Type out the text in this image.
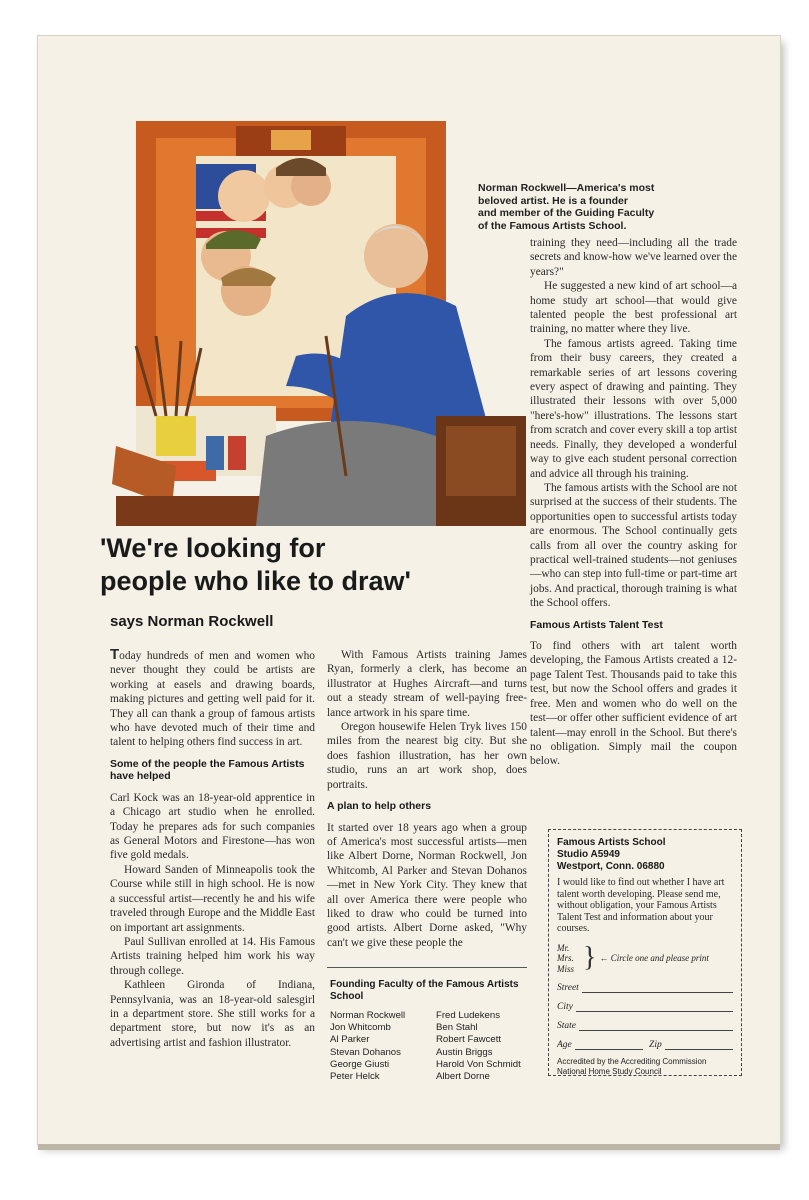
Norman Rockwell—America's most
beloved artist. He is a founder
and member of the Guiding Faculty
of the Famous Artists School.
'We're looking for
people who like to draw'
says Norman Rockwell

Today hundreds of men and women who never thought they could be artists are working at easels and drawing boards, making pictures and getting well paid for it. They all can thank a group of famous artists who have devoted much of their time and talent to helping others find success in art.

Some of the people the Famous Artists have helped

Carl Kock was an 18-year-old apprentice in a Chicago art studio when he enrolled. Today he prepares ads for such companies as General Motors and Firestone—has won five gold medals.

Howard Sanden of Minneapolis took the Course while still in high school. He is now a successful artist—recently he and his wife traveled through Europe and the Middle East on important art assignments.

Paul Sullivan enrolled at 14. His Famous Artists training helped him work his way through college.

Kathleen Gironda of Indiana, Pennsylvania, was an 18-year-old salesgirl in a department store. She still works for a department store, but now it's as an advertising artist and fashion illustrator.

With Famous Artists training James Ryan, formerly a clerk, has become an illustrator at Hughes Aircraft—and turns out a steady stream of well-paying free-lance artwork in his spare time.

Oregon housewife Helen Tryk lives 150 miles from the nearest big city. But she does fashion illustration, has her own studio, runs an art work shop, does portraits.

A plan to help others

It started over 18 years ago when a group of America's most successful artists—men like Albert Dorne, Norman Rockwell, Jon Whitcomb, Al Parker and Stevan Dohanos—met in New York City. They knew that all over America there were people who liked to draw who could be turned into good artists. Albert Dorne asked, "Why can't we give these people the

Founding Faculty of the Famous Artists School
Norman Rockwell
Jon Whitcomb
Al Parker
Stevan Dohanos
George Giusti
Peter Helck
Fred Ludekens
Ben Stahl
Robert Fawcett
Austin Briggs
Harold Von Schmidt
Albert Dorne

training they need—including all the trade secrets and know-how we've learned over the years?"

He suggested a new kind of art school—a home study art school—that would give talented people the best professional art training, no matter where they live.

The famous artists agreed. Taking time from their busy careers, they created a remarkable series of art lessons covering every aspect of drawing and painting. They illustrated their lessons with over 5,000 "here's-how" illustrations. The lessons start from scratch and cover every skill a top artist needs. Finally, they developed a wonderful way to give each student personal correction and advice all through his training.

The famous artists with the School are not surprised at the success of their students. The opportunities open to successful artists today are enormous. The School continually gets calls from all over the country asking for practical well-trained students—not geniuses—who can step into full-time or part-time art jobs. And practical, thorough training is what the School offers.

Famous Artists Talent Test

To find others with art talent worth developing, the Famous Artists created a 12-page Talent Test. Thousands paid to take this test, but now the School offers and grades it free. Men and women who do well on the test—or offer other sufficient evidence of art talent—may enroll in the School. But there's no obligation. Simply mail the coupon below.

Famous Artists School
Studio A5949
Westport, Conn. 06880
I would like to find out whether I have art talent worth developing. Please send me, without obligation, your Famous Artists Talent Test and information about your courses.
Mr.
Mrs.
Miss } ← Circle one and please print
Street
City
State
Age	Zip
Accredited by the Accrediting Commission National Home Study Council
